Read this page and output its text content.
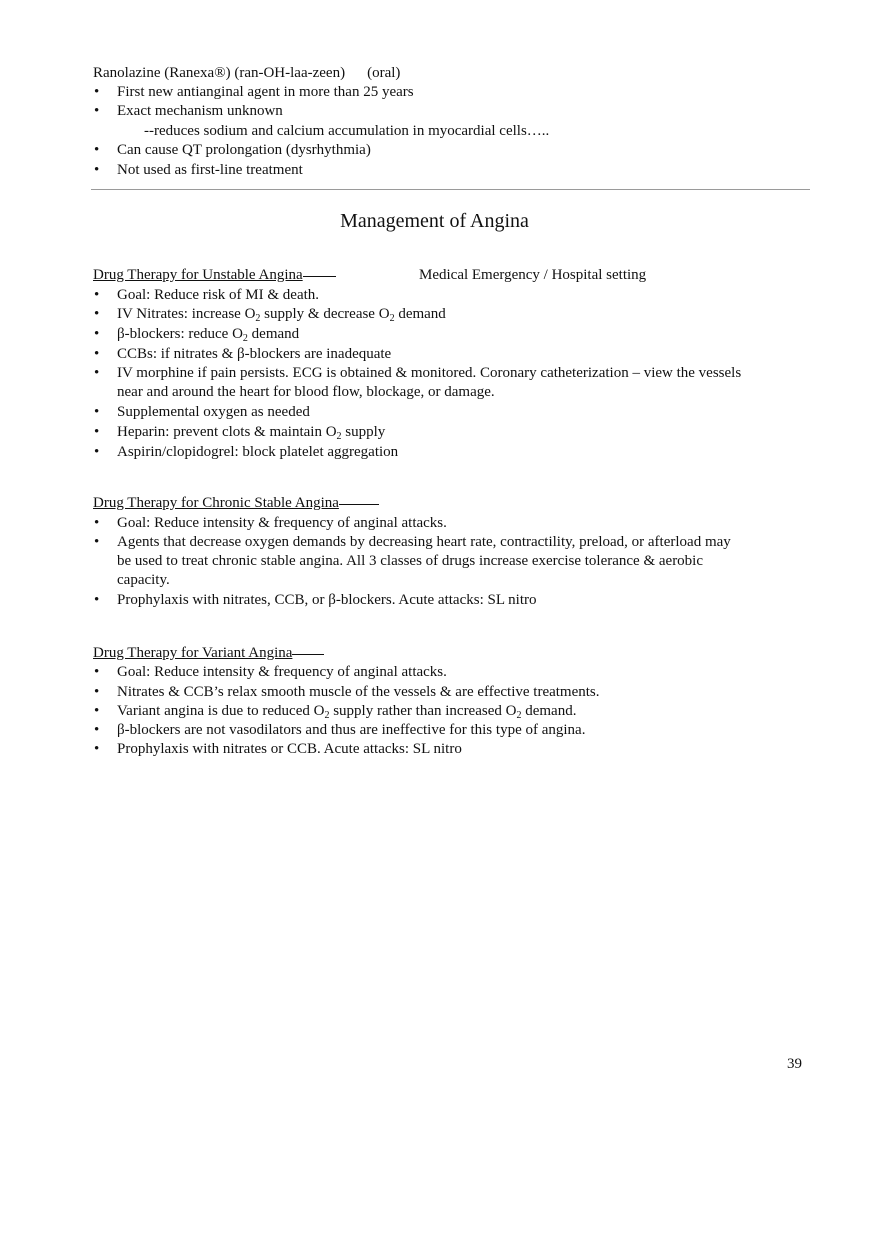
Ranolazine (Ranexa®) (ran-OH-laa-zeen) (oral)
• First new antianginal agent in more than 25 years
• Exact mechanism unknown
--reduces sodium and calcium accumulation in myocardial cells…..
• Can cause QT prolongation (dysrhythmia)
• Not used as first-line treatment
Management of Angina
Drug Therapy for Unstable Angina	Medical Emergency / Hospital setting
• Goal: Reduce risk of MI & death.
• IV Nitrates: increase $O_2$ supply & decrease $O_2$ demand
• β-blockers: reduce $O_2$ demand
• CCBs: if nitrates & β-blockers are inadequate
• IV morphine if pain persists. ECG is obtained & monitored. Coronary catheterization – view the vessels near and around the heart for blood flow, blockage, or damage.
• Supplemental oxygen as needed
• Heparin: prevent clots & maintain $O_2$ supply
• Aspirin/clopidogrel: block platelet aggregation
Drug Therapy for Chronic Stable Angina
• Goal: Reduce intensity & frequency of anginal attacks.
• Agents that decrease oxygen demands by decreasing heart rate, contractility, preload, or afterload may be used to treat chronic stable angina. All 3 classes of drugs increase exercise tolerance & aerobic capacity.
• Prophylaxis with nitrates, CCB, or β-blockers. Acute attacks: SL nitro
Drug Therapy for Variant Angina
• Goal: Reduce intensity & frequency of anginal attacks.
• Nitrates & CCB’s relax smooth muscle of the vessels & are effective treatments.
• Variant angina is due to reduced $O_2$ supply rather than increased $O_2$ demand.
• β-blockers are not vasodilators and thus are ineffective for this type of angina.
• Prophylaxis with nitrates or CCB. Acute attacks: SL nitro
39
